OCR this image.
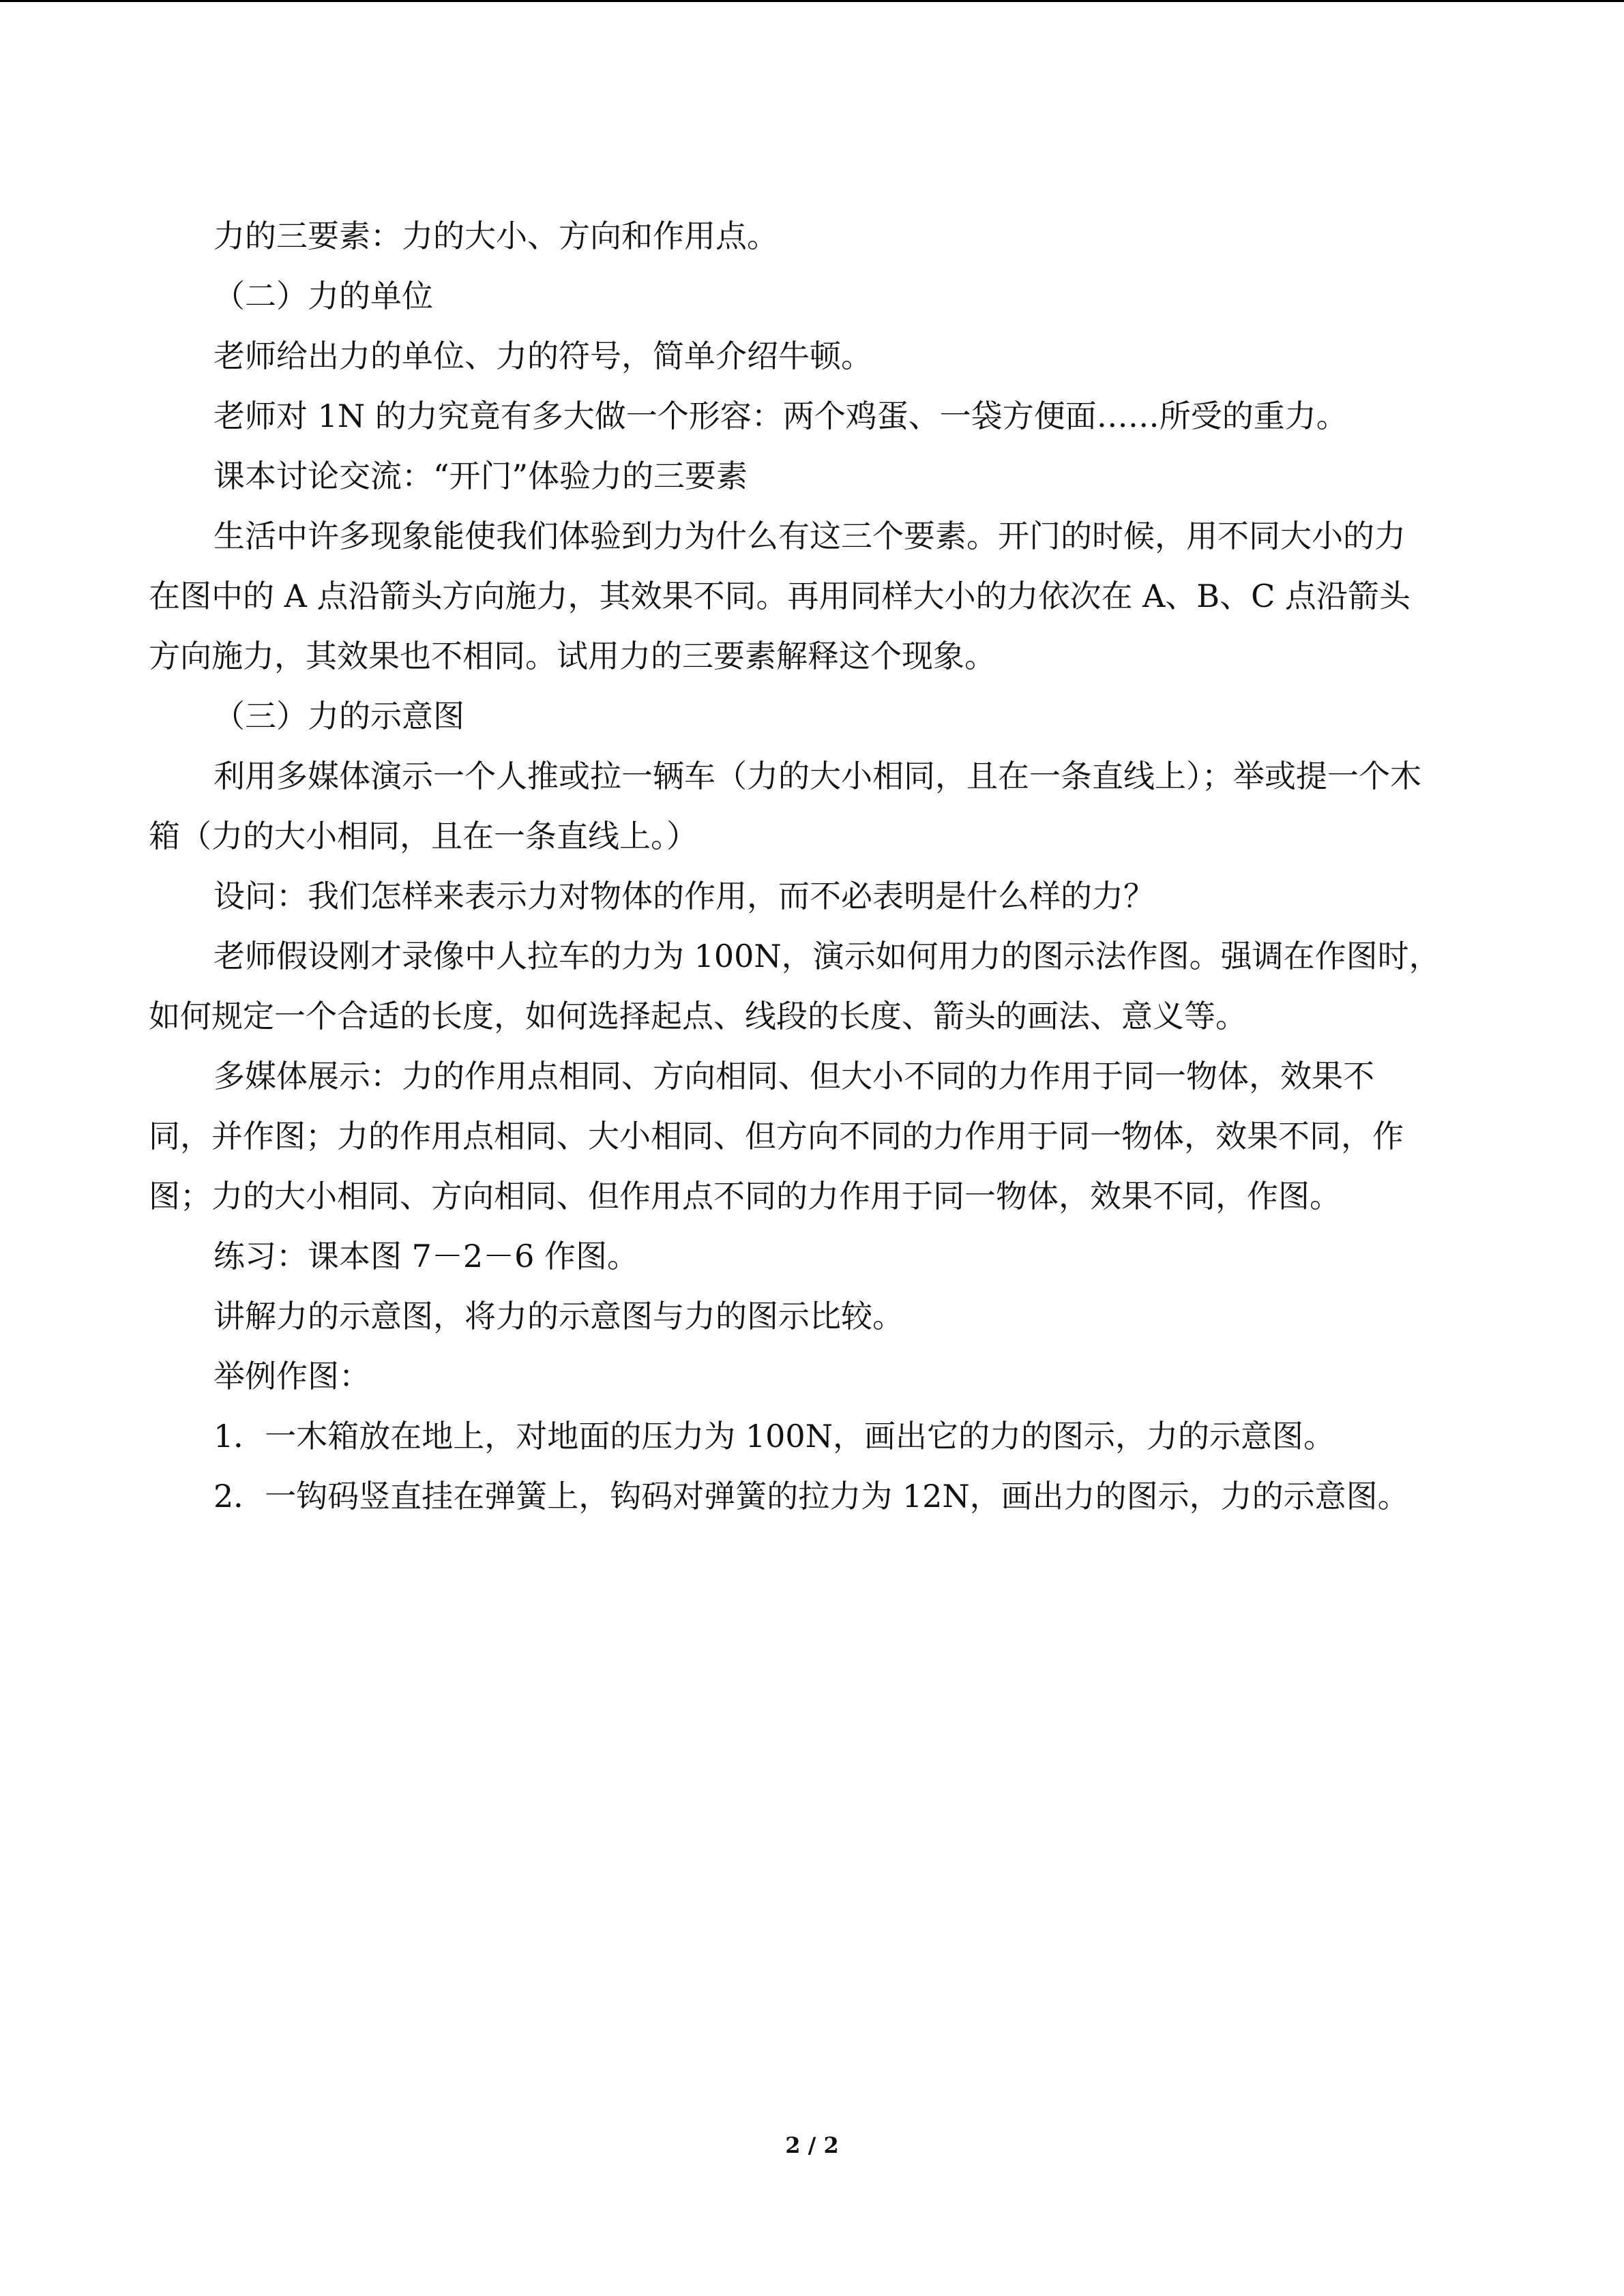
力的三要素：力的大小、方向和作用点。
（二）力的单位
老师给出力的单位、力的符号，简单介绍牛顿。
老师对 1N 的力究竟有多大做一个形容：两个鸡蛋、一袋方便面……所受的重力。
课本讨论交流：“开门”体验力的三要素
生活中许多现象能使我们体验到力为什么有这三个要素。开门的时候，用不同大小的力
在图中的 A 点沿箭头方向施力，其效果不同。再用同样大小的力依次在 A、B、C 点沿箭头
方向施力，其效果也不相同。试用力的三要素解释这个现象。
（三）力的示意图
利用多媒体演示一个人推或拉一辆车（力的大小相同，且在一条直线上）；举或提一个木
箱（力的大小相同，且在一条直线上。）
设问：我们怎样来表示力对物体的作用，而不必表明是什么样的力？
老师假设刚才录像中人拉车的力为 100N，演示如何用力的图示法作图。强调在作图时，
如何规定一个合适的长度，如何选择起点、线段的长度、箭头的画法、意义等。
多媒体展示：力的作用点相同、方向相同、但大小不同的力作用于同一物体，效果不
同，并作图；力的作用点相同、大小相同、但方向不同的力作用于同一物体，效果不同，作
图；力的大小相同、方向相同、但作用点不同的力作用于同一物体，效果不同，作图。
练习：课本图 7－2－6 作图。
讲解力的示意图，将力的示意图与力的图示比较。
举例作图：
1．一木箱放在地上，对地面的压力为 100N，画出它的力的图示，力的示意图。
2．一钩码竖直挂在弹簧上，钩码对弹簧的拉力为 12N，画出力的图示，力的示意图。
2 / 2
